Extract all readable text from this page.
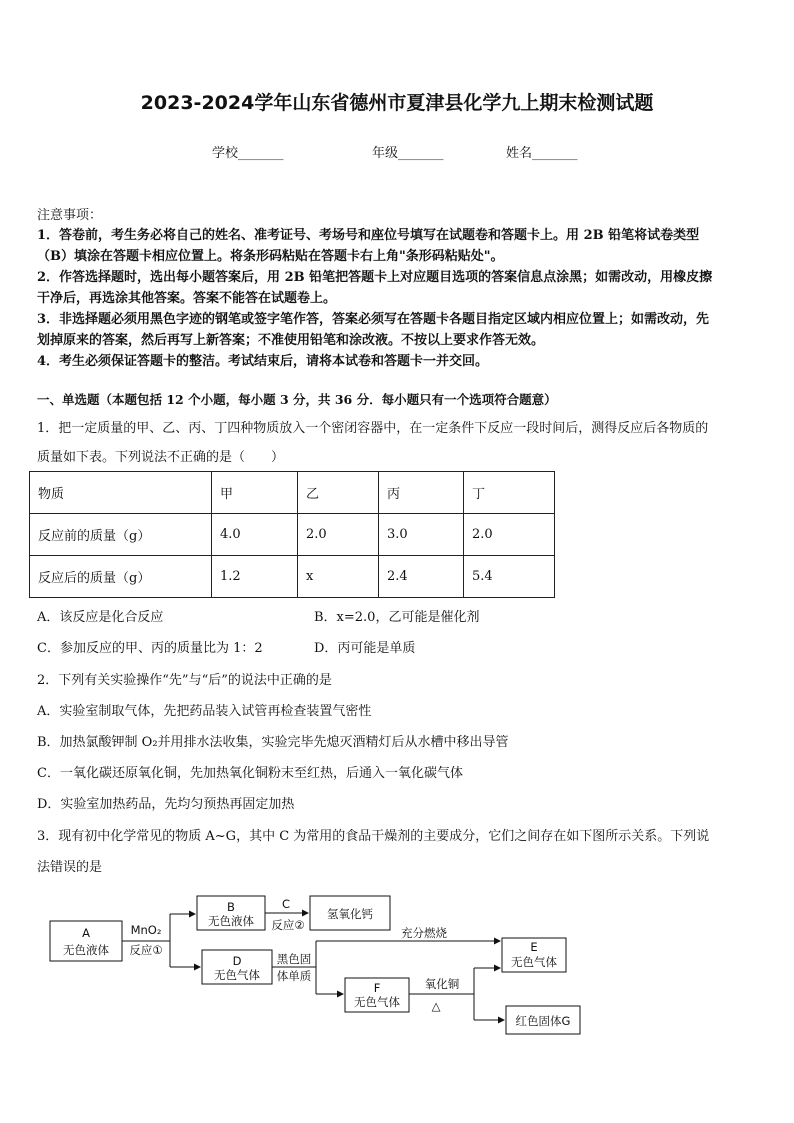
2023-2024学年山东省德州市夏津县化学九上期末检测试题
学校_______	年级_______	姓名_______
注意事项：
1．答卷前，考生务必将自己的姓名、准考证号、考场号和座位号填写在试题卷和答题卡上。用 2B 铅笔将试卷类型
（B）填涂在答题卡相应位置上。将条形码粘贴在答题卡右上角"条形码粘贴处"。
2．作答选择题时，选出每小题答案后，用 2B 铅笔把答题卡上对应题目选项的答案信息点涂黑；如需改动，用橡皮擦
干净后，再选涂其他答案。答案不能答在试题卷上。
3．非选择题必须用黑色字迹的钢笔或签字笔作答，答案必须写在答题卡各题目指定区域内相应位置上；如需改动，先
划掉原来的答案，然后再写上新答案；不准使用铅笔和涂改液。不按以上要求作答无效。
4．考生必须保证答题卡的整洁。考试结束后，请将本试卷和答题卡一并交回。
一、单选题（本题包括 12 个小题，每小题 3 分，共 36 分．每小题只有一个选项符合题意）
1．把一定质量的甲、乙、丙、丁四种物质放入一个密闭容器中，在一定条件下反应一段时间后，测得反应后各物质的
质量如下表。下列说法不正确的是（　　）
物质	甲	乙	丙	丁
反应前的质量（g）	4.0	2.0	3.0	2.0
反应后的质量（g）	1.2	x	2.4	5.4
A．该反应是化合反应	B．x=2.0，乙可能是催化剂
C．参加反应的甲、丙的质量比为 1：2	D．丙可能是单质
2．下列有关实验操作“先”与“后”的说法中正确的是
A．实验室制取气体，先把药品装入试管再检查装置气密性
B．加热氯酸钾制 O₂并用排水法收集，实验完毕先熄灭酒精灯后从水槽中移出导管
C．一氧化碳还原氧化铜，先加热氧化铜粉末至红热，后通入一氧化碳气体
D．实验室加热药品，先均匀预热再固定加热
3．现有初中化学常见的物质 A~G，其中 C 为常用的食品干燥剂的主要成分，它们之间存在如下图所示关系。下列说
法错误的是
A
无色液体
MnO₂
反应①
B
无色液体
C
反应②
氢氧化钙
D
无色气体
黑色固
体单质
充分燃烧
E
无色气体
F
无色气体
氧化铜
△
红色固体G
